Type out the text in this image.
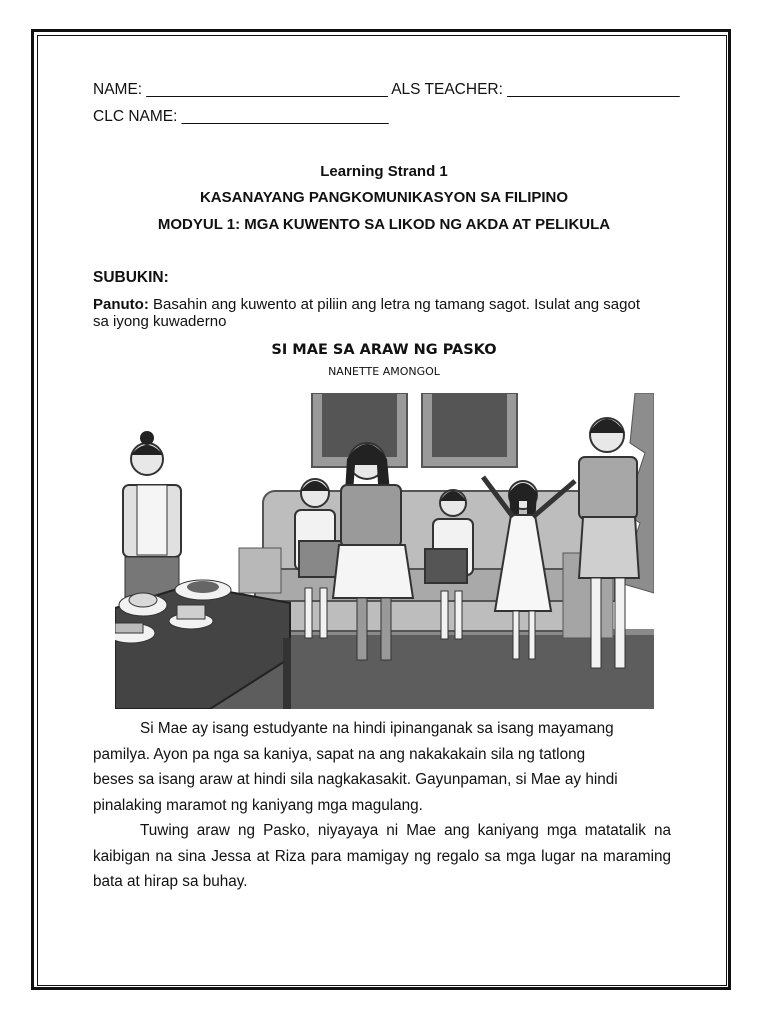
NAME: ____________________________ ALS TEACHER: ____________________
CLC NAME: ________________________
Learning Strand 1
KASANAYANG PANGKOMUNIKASYON SA FILIPINO
MODYUL 1: MGA KUWENTO SA LIKOD NG AKDA AT PELIKULA
SUBUKIN:
Panuto: Basahin ang kuwento at piliin ang letra ng tamang sagot. Isulat ang sagot
sa iyong kuwaderno
SI MAE SA ARAW NG PASKO
NANETTE AMONGOL
Si Mae ay isang estudyante na hindi ipinanganak sa isang mayamang
pamilya. Ayon pa nga sa kaniya, sapat na ang nakakakain sila ng tatlong
beses sa isang araw at hindi sila nagkakasakit. Gayunpaman, si Mae ay hindi
pinalaking maramot ng kaniyang mga magulang.
Tuwing araw ng Pasko, niyayaya ni Mae ang kaniyang mga matatalik na
kaibigan na sina Jessa at Riza para mamigay ng regalo sa mga lugar na maraming
bata at hirap sa buhay.
